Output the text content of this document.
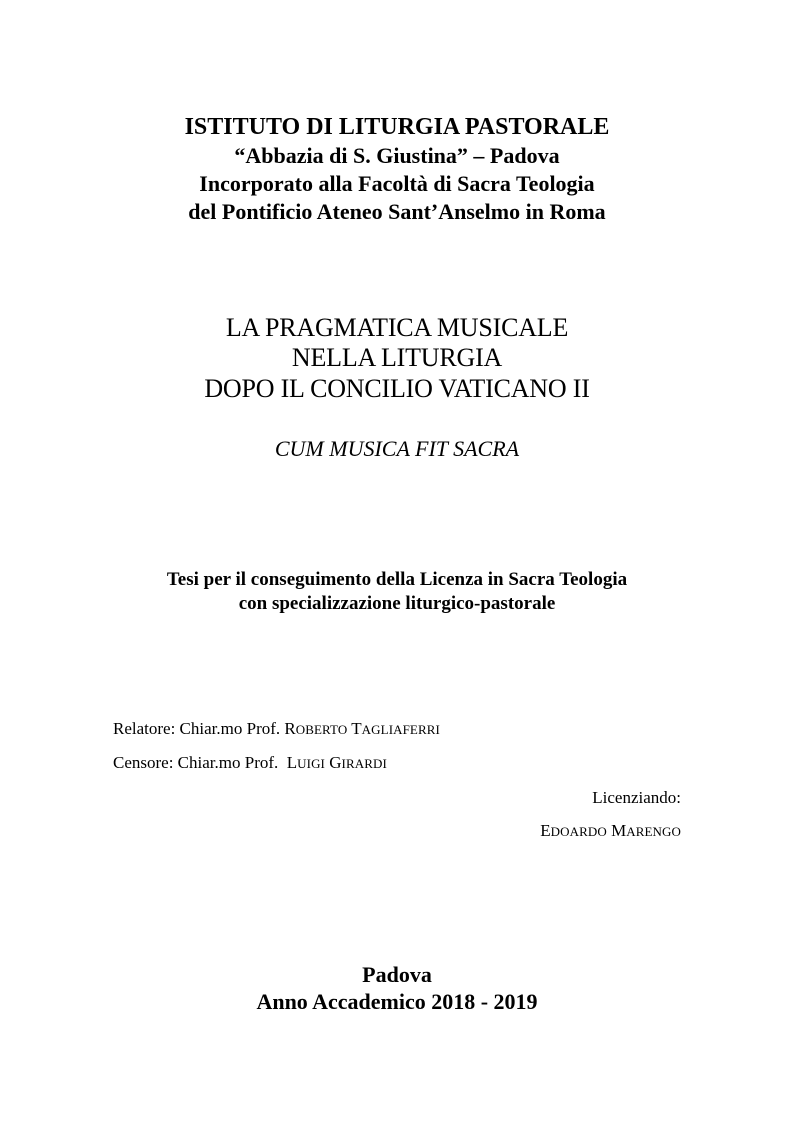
ISTITUTO DI LITURGIA PASTORALE
“Abbazia di S. Giustina” – Padova
Incorporato alla Facoltà di Sacra Teologia
del Pontificio Ateneo Sant’Anselmo in Roma
LA PRAGMATICA MUSICALE
NELLA LITURGIA
DOPO IL CONCILIO VATICANO II
CUM MUSICA FIT SACRA
Tesi per il conseguimento della Licenza in Sacra Teologia
con specializzazione liturgico-pastorale
Relatore: Chiar.mo Prof. ROBERTO TAGLIAFERRI
Censore: Chiar.mo Prof. LUIGI GIRARDI
Licenziando:
EDOARDO MARENGO
Padova
Anno Accademico 2018 - 2019
